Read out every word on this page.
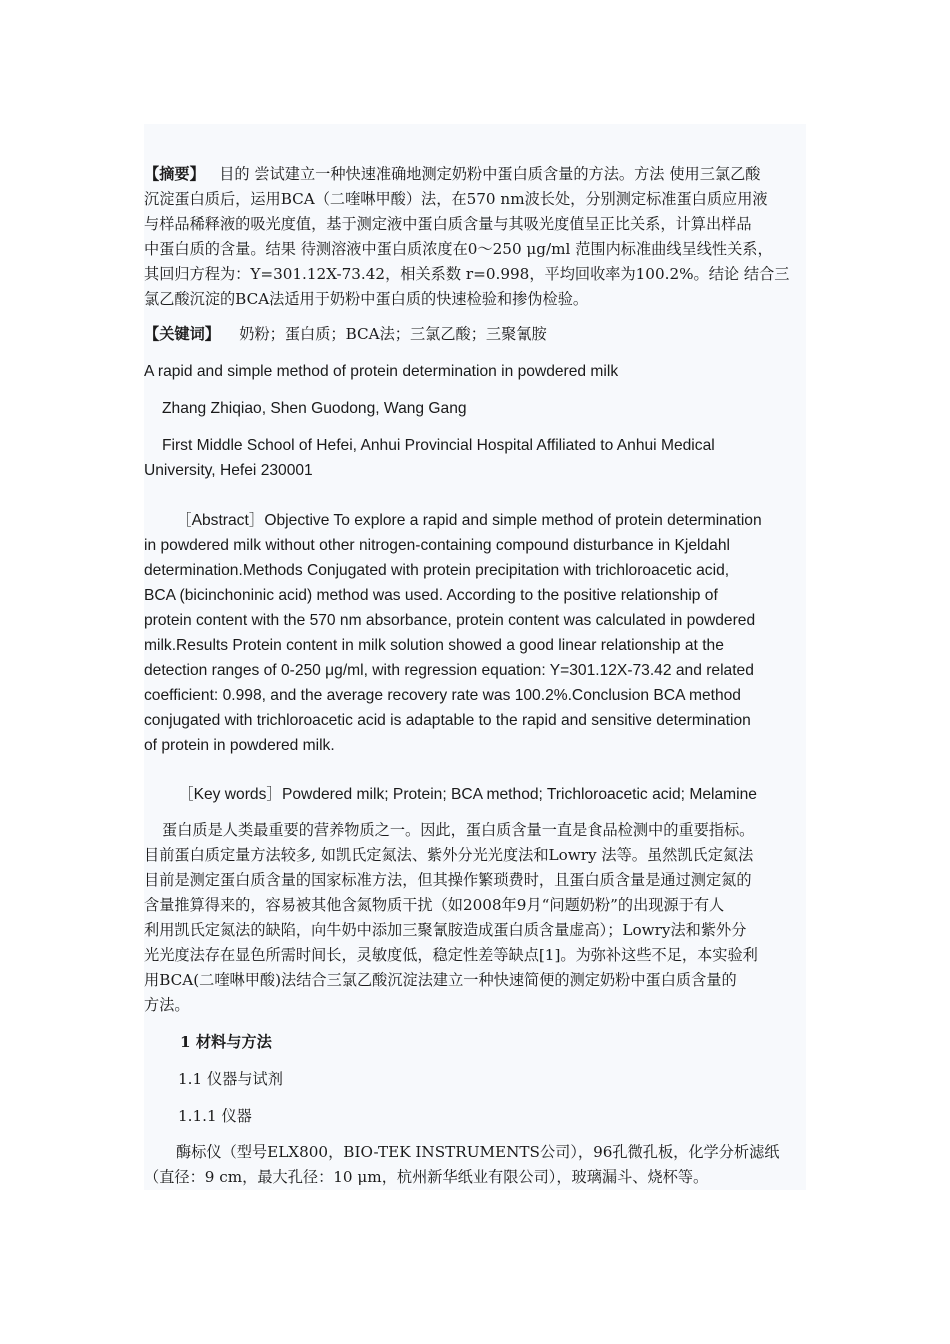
【摘要】 目的 尝试建立一种快速准确地测定奶粉中蛋白质含量的方法。方法 使用三氯乙酸
沉淀蛋白质后，运用BCA（二喹啉甲酸）法，在570 nm波长处，分别测定标准蛋白质应用液
与样品稀释液的吸光度值，基于测定液中蛋白质含量与其吸光度值呈正比关系，计算出样品
中蛋白质的含量。结果 待测溶液中蛋白质浓度在0～250 μg/ml 范围内标准曲线呈线性关系，
其回归方程为：Y=301.12X-73.42，相关系数 r=0.998，平均回收率为100.2%。结论 结合三
氯乙酸沉淀的BCA法适用于奶粉中蛋白质的快速检验和掺伪检验。

【关键词】 奶粉；蛋白质；BCA法；三氯乙酸；三聚氰胺

A rapid and simple method of protein determination in powdered milk

Zhang Zhiqiao, Shen Guodong, Wang Gang

First Middle School of Hefei, Anhui Provincial Hospital Affiliated to Anhui Medical
University, Hefei 230001

［Abstract］Objective To explore a rapid and simple method of protein determination
in powdered milk without other nitrogen-containing compound disturbance in Kjeldahl
determination.Methods Conjugated with protein precipitation with trichloroacetic acid,
BCA (bicinchoninic acid) method was used. According to the positive relationship of
protein content with the 570 nm absorbance, protein content was calculated in powdered
milk.Results Protein content in milk solution showed a good linear relationship at the
detection ranges of 0-250 μg/ml, with regression equation: Y=301.12X-73.42 and related
coefficient: 0.998, and the average recovery rate was 100.2%.Conclusion BCA method
conjugated with trichloroacetic acid is adaptable to the rapid and sensitive determination
of protein in powdered milk.

［Key words］Powdered milk; Protein; BCA method; Trichloroacetic acid; Melamine

蛋白质是人类最重要的营养物质之一。因此，蛋白质含量一直是食品检测中的重要指标。
目前蛋白质定量方法较多, 如凯氏定氮法、紫外分光光度法和Lowry 法等。虽然凯氏定氮法
目前是测定蛋白质含量的国家标准方法，但其操作繁琐费时，且蛋白质含量是通过测定氮的
含量推算得来的，容易被其他含氮物质干扰（如2008年9月“问题奶粉”的出现源于有人
利用凯氏定氮法的缺陷，向牛奶中添加三聚氰胺造成蛋白质含量虚高）；Lowry法和紫外分
光光度法存在显色所需时间长，灵敏度低，稳定性差等缺点[1]。为弥补这些不足，本实验利
用BCA(二喹啉甲酸)法结合三氯乙酸沉淀法建立一种快速简便的测定奶粉中蛋白质含量的
方法。

1 材料与方法

1.1 仪器与试剂

1.1.1 仪器

酶标仪（型号ELX800，BIO-TEK INSTRUMENTS公司），96孔微孔板，化学分析滤纸
（直径：9 cm，最大孔径：10 μm，杭州新华纸业有限公司），玻璃漏斗、烧杯等。
